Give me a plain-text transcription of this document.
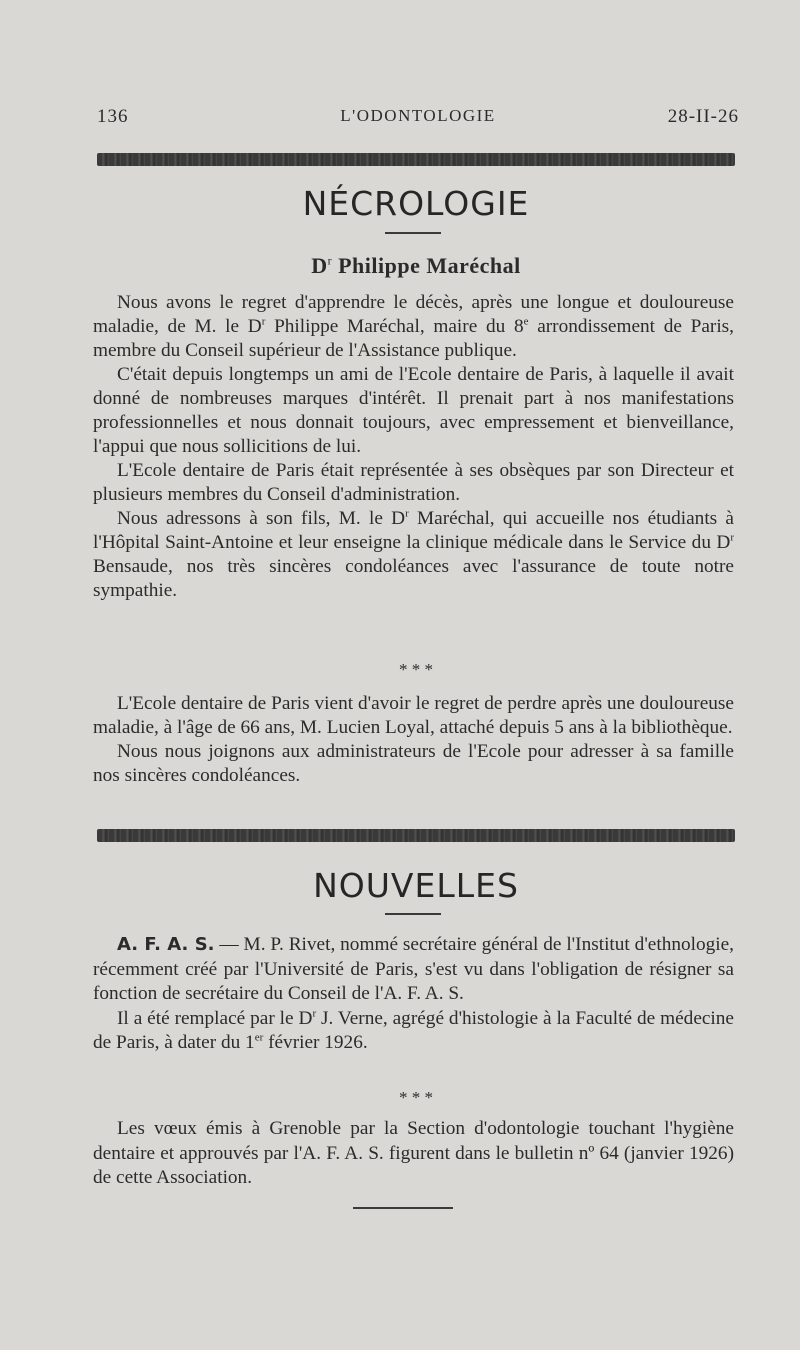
136	L'ODONTOLOGIE	28-II-26
NÉCROLOGIE
$D^r$ Philippe Maréchal

Nous avons le regret d'apprendre le décès, après une longue et douloureuse maladie, de M. le $D^r$ Philippe Maréchal, maire du 8e arrondissement de Paris, membre du Conseil supérieur de l'Assistance publique.

C'était depuis longtemps un ami de l'Ecole dentaire de Paris, à laquelle il avait donné de nombreuses marques d'intérêt. Il prenait part à nos manifestations professionnelles et nous donnait toujours, avec empressement et bienveillance, l'appui que nous sollicitions de lui.

L'Ecole dentaire de Paris était représentée à ses obsèques par son Directeur et plusieurs membres du Conseil d'administration.

Nous adressons à son fils, M. le $D^r$ Maréchal, qui accueille nos étudiants à l'Hôpital Saint-Antoine et leur enseigne la clinique médicale dans le Service du $D^r$ Bensaude, nos très sincères condoléances avec l'assurance de toute notre sympathie.

* * *

L'Ecole dentaire de Paris vient d'avoir le regret de perdre après une douloureuse maladie, à l'âge de 66 ans, M. Lucien Loyal, attaché depuis 5 ans à la bibliothèque.

Nous nous joignons aux administrateurs de l'Ecole pour adresser à sa famille nos sincères condoléances.

NOUVELLES

A. F. A. S. — M. P. Rivet, nommé secrétaire général de l'Institut d'ethnologie, récemment créé par l'Université de Paris, s'est vu dans l'obligation de résigner sa fonction de secrétaire du Conseil de l'A. F. A. S.

Il a été remplacé par le $D^r$ J. Verne, agrégé d'histologie à la Faculté de médecine de Paris, à dater du 1er février 1926.

* * *

Les vœux émis à Grenoble par la Section d'odontologie touchant l'hygiène dentaire et approuvés par l'A. F. A. S. figurent dans le bulletin nº 64 (janvier 1926) de cette Association.
